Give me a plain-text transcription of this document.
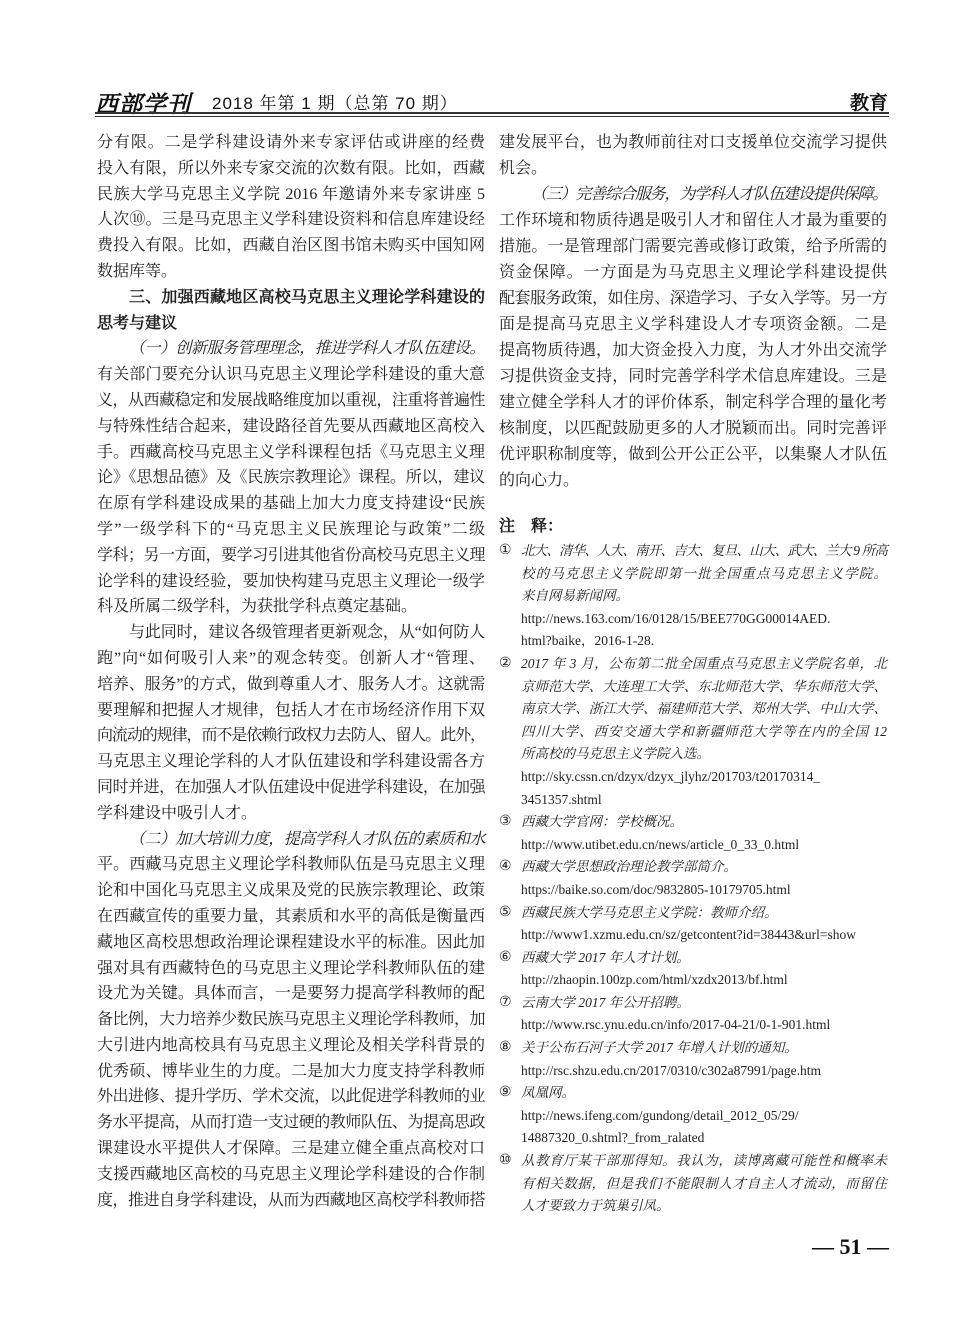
西部学刊 2018 年第 1 期（总第 70 期）	教育
分有限。二是学科建设请外来专家评估或讲座的经费
投入有限，所以外来专家交流的次数有限。比如，西藏
民族大学马克思主义学院 2016 年邀请外来专家讲座 5
人次⑩。三是马克思主义学科建设资料和信息库建设经
费投入有限。比如，西藏自治区图书馆未购买中国知网
数据库等。
三、加强西藏地区高校马克思主义理论学科建设的
思考与建议
（一）创新服务管理理念，推进学科人才队伍建设。
有关部门要充分认识马克思主义理论学科建设的重大意
义，从西藏稳定和发展战略维度加以重视，注重将普遍性
与特殊性结合起来，建设路径首先要从西藏地区高校入
手。西藏高校马克思主义学科课程包括《马克思主义理
论》《思想品德》及《民族宗教理论》课程。所以，建议
在原有学科建设成果的基础上加大力度支持建设“民族
学”一级学科下的“马克思主义民族理论与政策”二级
学科；另一方面，要学习引进其他省份高校马克思主义理
论学科的建设经验，要加快构建马克思主义理论一级学
科及所属二级学科，为获批学科点奠定基础。
与此同时，建议各级管理者更新观念，从“如何防人
跑”向“如何吸引人来”的观念转变。创新人才“管理、
培养、服务”的方式，做到尊重人才、服务人才。这就需
要理解和把握人才规律，包括人才在市场经济作用下双
向流动的规律，而不是依赖行政权力去防人、留人。此外，
马克思主义理论学科的人才队伍建设和学科建设需各方
同时并进，在加强人才队伍建设中促进学科建设，在加强
学科建设中吸引人才。
（二）加大培训力度，提高学科人才队伍的素质和水
平。西藏马克思主义理论学科教师队伍是马克思主义理
论和中国化马克思主义成果及党的民族宗教理论、政策
在西藏宣传的重要力量，其素质和水平的高低是衡量西
藏地区高校思想政治理论课程建设水平的标准。因此加
强对具有西藏特色的马克思主义理论学科教师队伍的建
设尤为关键。具体而言，一是要努力提高学科教师的配
备比例，大力培养少数民族马克思主义理论学科教师，加
大引进内地高校具有马克思主义理论及相关学科背景的
优秀硕、博毕业生的力度。二是加大力度支持学科教师
外出进修、提升学历、学术交流，以此促进学科教师的业
务水平提高，从而打造一支过硬的教师队伍、为提高思政
课建设水平提供人才保障。三是建立健全重点高校对口
支援西藏地区高校的马克思主义理论学科建设的合作制
度，推进自身学科建设，从而为西藏地区高校学科教师搭
建发展平台，也为教师前往对口支援单位交流学习提供
机会。
（三）完善综合服务，为学科人才队伍建设提供保障。
工作环境和物质待遇是吸引人才和留住人才最为重要的
措施。一是管理部门需要完善或修订政策，给予所需的
资金保障。一方面是为马克思主义理论学科建设提供
配套服务政策，如住房、深造学习、子女入学等。另一方
面是提高马克思主义学科建设人才专项资金额。二是
提高物质待遇，加大资金投入力度，为人才外出交流学
习提供资金支持，同时完善学科学术信息库建设。三是
建立健全学科人才的评价体系，制定科学合理的量化考
核制度，以匹配鼓励更多的人才脱颖而出。同时完善评
优评职称制度等，做到公开公正公平，以集聚人才队伍
的向心力。
注　释：
① 北大、清华、人大、南开、吉大、复旦、山大、武大、兰大 9 所高
校的马克思主义学院即第一批全国重点马克思主义学院。
来自网易新闻网。
http://news.163.com/16/0128/15/BEE770GG00014AED.
html?baike，2016-1-28.
② 2017 年 3 月，公布第二批全国重点马克思主义学院名单，北
京师范大学、大连理工大学、东北师范大学、华东师范大学、
南京大学、浙江大学、福建师范大学、郑州大学、中山大学、
四川大学、西安交通大学和新疆师范大学等在内的全国 12
所高校的马克思主义学院入选。
http://sky.cssn.cn/dzyx/dzyx_jlyhz/201703/t20170314_
3451357.shtml
③ 西藏大学官网：学校概况。
http://www.utibet.edu.cn/news/article_0_33_0.html
④ 西藏大学思想政治理论教学部简介。
https://baike.so.com/doc/9832805-10179705.html
⑤ 西藏民族大学马克思主义学院：教师介绍。
http://www1.xzmu.edu.cn/sz/getcontent?id=38443&url=show
⑥ 西藏大学 2017 年人才计划。
http://zhaopin.100zp.com/html/xzdx2013/bf.html
⑦ 云南大学 2017 年公开招聘。
http://www.rsc.ynu.edu.cn/info/2017-04-21/0-1-901.html
⑧ 关于公布石河子大学 2017 年增人计划的通知。
http://rsc.shzu.edu.cn/2017/0310/c302a87991/page.htm
⑨ 凤凰网。
http://news.ifeng.com/gundong/detail_2012_05/29/
14887320_0.shtml?_from_ralated
⑩ 从教育厅某干部那得知。我认为，读博离藏可能性和概率未
有相关数据，但是我们不能限制人才自主人才流动，而留住
人才要致力于筑巢引凤。
— 51 —
